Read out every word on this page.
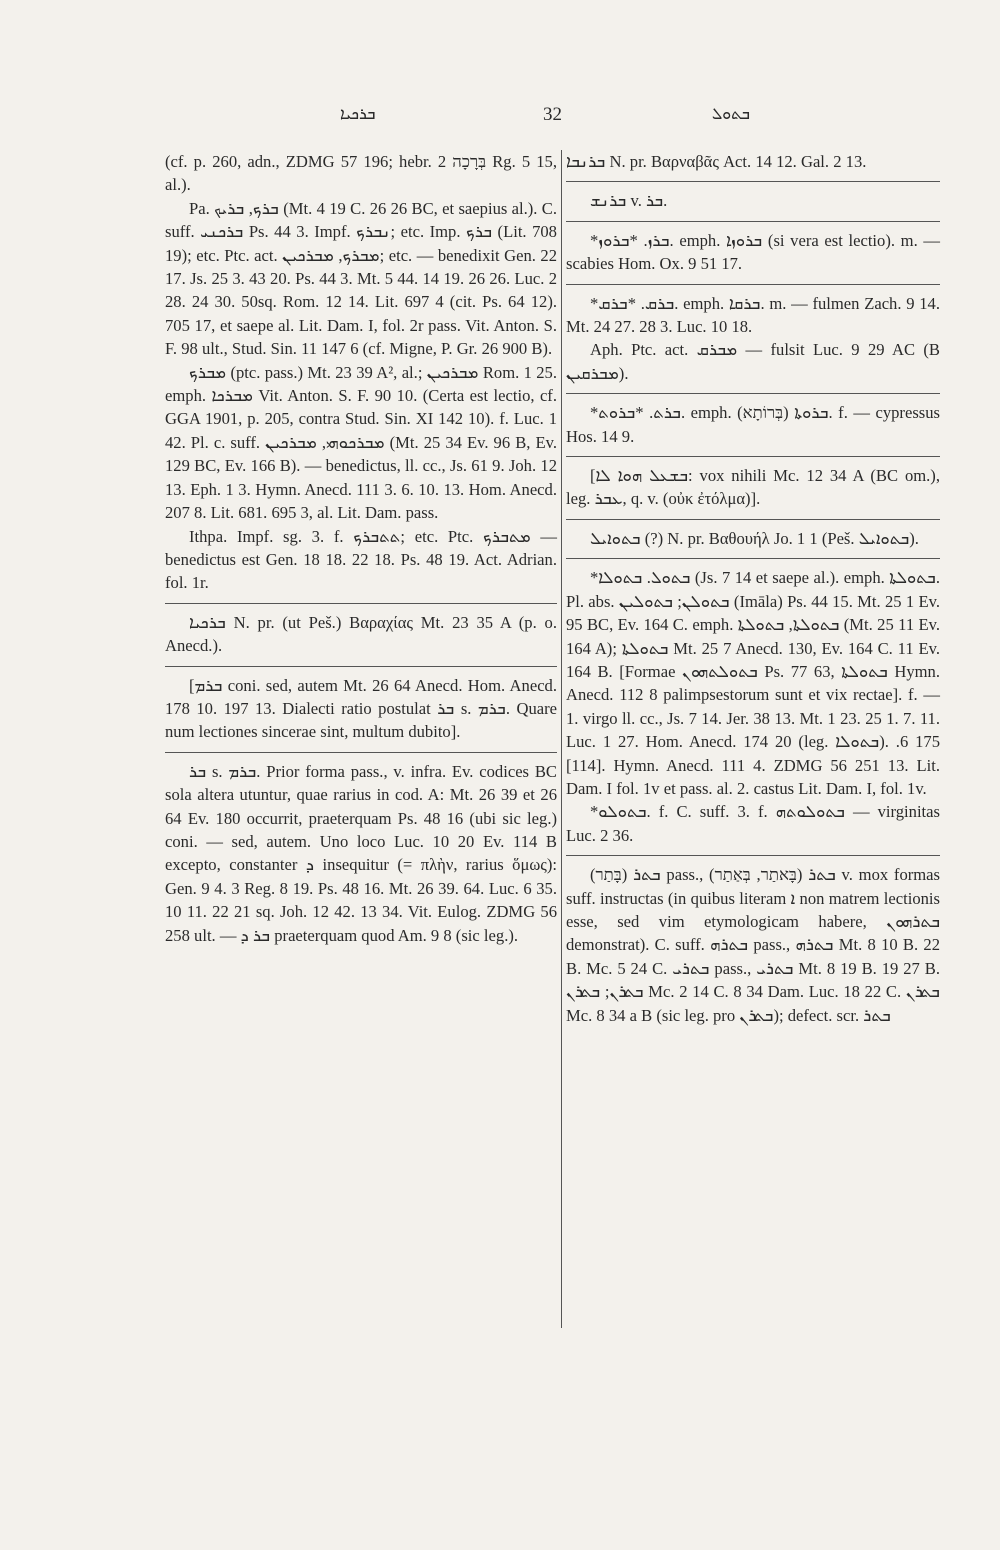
ܒܪܟܝܐ	32	ܒܬܘܠ

(cf. p. 260, adn., ZDMG 57 196; hebr. בְּרָכָה 2 Rg. 5 15, al.).

Pa. ܒܪܟ, ܒܪܝܟ (Mt. 4 19 C. 26 26 BC, et saepius al.). C. suff. ܒܪܟܢܝ Ps. 44 3. Impf. ܢܒܪܟ; etc. Imp. ܒܪܟ (Lit. 708 19); etc. Ptc. act. ܡܒܪܟ, ܡܒܪܟܝܢ; etc. — benedixit Gen. 22 17. Js. 25 3. 43 20. Ps. 44 3. Mt. 5 44. 14 19. 26 26. Luc. 2 28. 24 30. 50sq. Rom. 12 14. Lit. 697 4 (cit. Ps. 64 12). 705 17, et saepe al. Lit. Dam. I, fol. 2r pass. Vit. Anton. S. F. 98 ult., Stud. Sin. 11 147 6 (cf. Migne, P. Gr. 26 900 B).

ܡܒܪܟ (ptc. pass.) Mt. 23 39 A², al.; ܡܒܪܟܝܢ Rom. 1 25. emph. ܡܒܪܟܐ Vit. Anton. S. F. 90 10. (Certa est lectio, cf. GGA 1901, p. 205, contra Stud. Sin. XI 142 10). f. Luc. 1 42. Pl. c. suff. ܡܒܪܟܘܗܝ, ܡܒܪܟܝܢ (Mt. 25 34 Ev. 96 B, Ev. 129 BC, Ev. 166 B). — benedictus, ll. cc., Js. 61 9. Joh. 12 13. Eph. 1 3. Hymn. Anecd. 111 3. 6. 10. 13. Hom. Anecd. 207 8. Lit. 681. 695 3, al. Lit. Dam. pass.

Ithpa. Impf. sg. 3. f. ܬܬܒܪܟ; etc. Ptc. ܡܬܒܪܟ — benedictus est Gen. 18 18. 22 18. Ps. 48 19. Act. Adrian. fol. 1r.

ܒܪܟܝܐ N. pr. (ut Peš.) Βαραχίας Mt. 23 35 A (p. o. Anecd.).

[ܒܪܡ coni. sed, autem Mt. 26 64 Anecd. Hom. Anecd. 178 10. 197 13. Dialecti ratio postulat ܒܪ s. ܒܪܡ. Quare num lectiones sincerae sint, multum dubito].

ܒܪ s. ܒܪܡ. Prior forma pass., v. infra. Ev. codices BC sola altera utuntur, quae rarius in cod. A: Mt. 26 39 et 26 64 Ev. 180 occurrit, praeterquam Ps. 48 16 (ubi sic leg.) coni. — sed, autem. Uno loco Luc. 10 20 Ev. 114 B excepto, constanter ܕ insequitur (= πλὴν, rarius ὅμως): Gen. 9 4. 3 Reg. 8 19. Ps. 48 16. Mt. 26 39. 64. Luc. 6 35. 10 11. 22 21 sq. Joh. 12 42. 13 34. Vit. Eulog. ZDMG 56 258 ult. — ܒܪ ܕ praeterquam quod Am. 9 8 (sic leg.).

ܒܪܢܒܐ N. pr. Βαρναβᾶς Act. 14 12. Gal. 2 13.

ܒܪܢܫ v. ܒܪ.

*ܒܪܙ. *ܒܪܘܙ. emph. ܒܪܘܙܐ (si vera est lectio). m. — scabies Hom. Ox. 9 51 17.

*ܒܪܩ. *ܒܪܩ. emph. ܒܪܩܐ. m. — fulmen Zach. 9 14. Mt. 24 27. 28 3. Luc. 10 18.

Aph. Ptc. act. ܡܒܪܩ — fulsit Luc. 9 29 AC (B ܡܒܪܩܝܢ).

*ܒܪܬ. *ܒܪܘܬ. emph. ܒܪܘܬܐ (בְּרוֹתָא). f. — cypressus Hos. 14 9.

[ܒܫܥܠ ܗܘܐ ܠܐ: vox nihili Mc. 12 34 A (BC om.), leg. ܥܒܪ, q. v. (οὐκ ἐτόλμα)].

ܒܬܘܐܝܠ (?) N. pr. Βαθουήλ Jo. 1 1 (Peš. ܒܬܘܐܝܠ).

*ܒܬܘܠ. ܒܬܘܠܐ (Js. 7 14 et saepe al.). emph. ܒܬܘܠܬܐ. Pl. abs. ܒܬܘܠܢ; ܒܬܘܠܝܢ (Imāla) Ps. 44 15. Mt. 25 1 Ev. 95 BC, Ev. 164 C. emph. ܒܬܘܠܬܐ, ܒܬܘܠܬܐ (Mt. 25 11 Ev. 164 A); ܒܬܘܠܬܐ Mt. 25 7 Anecd. 130, Ev. 164 C. 11 Ev. 164 B. [Formae ܒܬܘܠܬܗܘܢ Ps. 77 63, ܒܬܘܠܬܐ Hymn. Anecd. 112 8 palimpsestorum sunt et vix rectae]. f. — 1. virgo ll. cc., Js. 7 14. Jer. 38 13. Mt. 1 23. 25 1. 7. 11. Luc. 1 27. Hom. Anecd. 174 20 (leg. ܒܬܘܠܐ). 175 6. [114]. Hymn. Anecd. 111 4. ZDMG 56 251 13. Lit. Dam. I fol. 1v et pass. al. 2. castus Lit. Dam. I, fol. 1v.

*ܒܬܘܠܘ. f. C. suff. 3. f. ܒܬܘܠܘܬܗ — virginitas Luc. 2 36.

ܒܬܪ (בָּתַר) pass., ܒܬܪ (בָּאתַר, בְּאַתַר) v. mox formas suff. instructas (in quibus literam ܐ non matrem lectionis esse, sed vim etymologicam habere, ܒܬܪܗܘܢ demonstrat). C. suff. ܒܬܪܗ pass., ܒܬܪܗ Mt. 8 10 B. 22 B. Mc. 5 24 C. ܒܬܪܝ pass., ܒܬܪܝ Mt. 8 19 B. 19 27 B. ܒܬܪܢ; ܒܬܪܢ Mc. 2 14 C. 8 34 Dam. Luc. 18 22 C. ܒܬܪܢ Mc. 8 34 a B (sic leg. pro ܒܬܪܢ); defect. scr. ܒܬܪ
